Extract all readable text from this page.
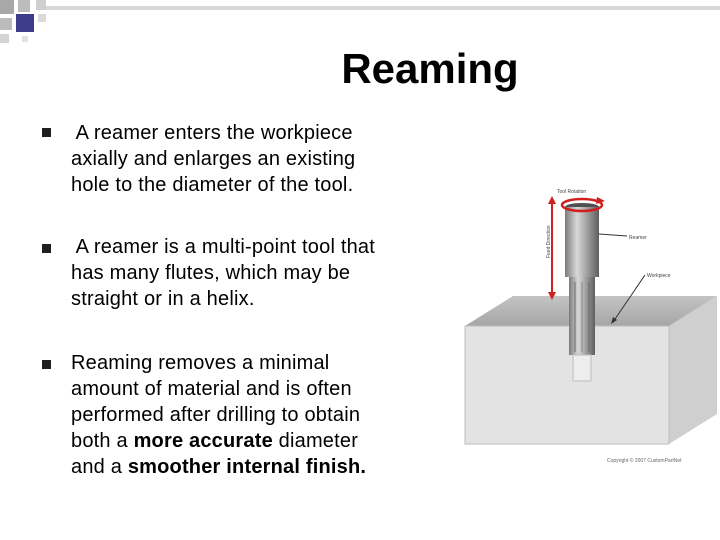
Reaming
A reamer enters the workpiece
axially and enlarges an existing
hole to the diameter of the tool.
A reamer is a multi-point tool that
has many flutes, which may be
straight or in a helix.
Reaming removes a minimal
amount of material and is often
performed after drilling to obtain
both a more accurate diameter
and a smoother internal finish.
Tool Rotation
Feed Direction	Reamer
Workpiece
Copyright © 2007 CustomPartNet
